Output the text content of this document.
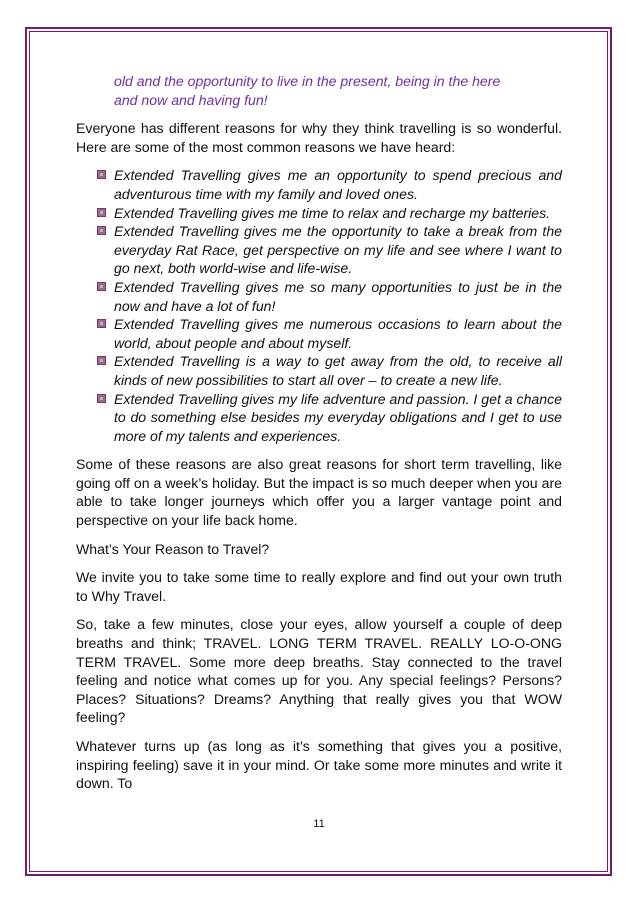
old and the opportunity to live in the present, being in the here
and now and having fun!

Everyone has different reasons for why they think travelling is so wonderful. Here are some of the most common reasons we have heard:

Extended Travelling gives me an opportunity to spend precious and adventurous time with my family and loved ones.
Extended Travelling gives me time to relax and recharge my batteries.
Extended Travelling gives me the opportunity to take a break from the everyday Rat Race, get perspective on my life and see where I want to go next, both world-wise and life-wise.
Extended Travelling gives me so many opportunities to just be in the now and have a lot of fun!
Extended Travelling gives me numerous occasions to learn about the world, about people and about myself.
Extended Travelling is a way to get away from the old, to receive all kinds of new possibilities to start all over – to create a new life.
Extended Travelling gives my life adventure and passion. I get a chance to do something else besides my everyday obligations and I get to use more of my talents and experiences.

Some of these reasons are also great reasons for short term travelling, like going off on a week’s holiday. But the impact is so much deeper when you are able to take longer journeys which offer you a larger vantage point and perspective on your life back home.

What’s Your Reason to Travel?

We invite you to take some time to really explore and find out your own truth to Why Travel.

So, take a few minutes, close your eyes, allow yourself a couple of deep breaths and think; TRAVEL. LONG TERM TRAVEL. REALLY LO-O-ONG TERM TRAVEL. Some more deep breaths. Stay connected to the travel feeling and notice what comes up for you. Any special feelings? Persons? Places? Situations? Dreams? Anything that really gives you that WOW feeling?

Whatever turns up (as long as it’s something that gives you a positive, inspiring feeling) save it in your mind. Or take some more minutes and write it down. To

11
